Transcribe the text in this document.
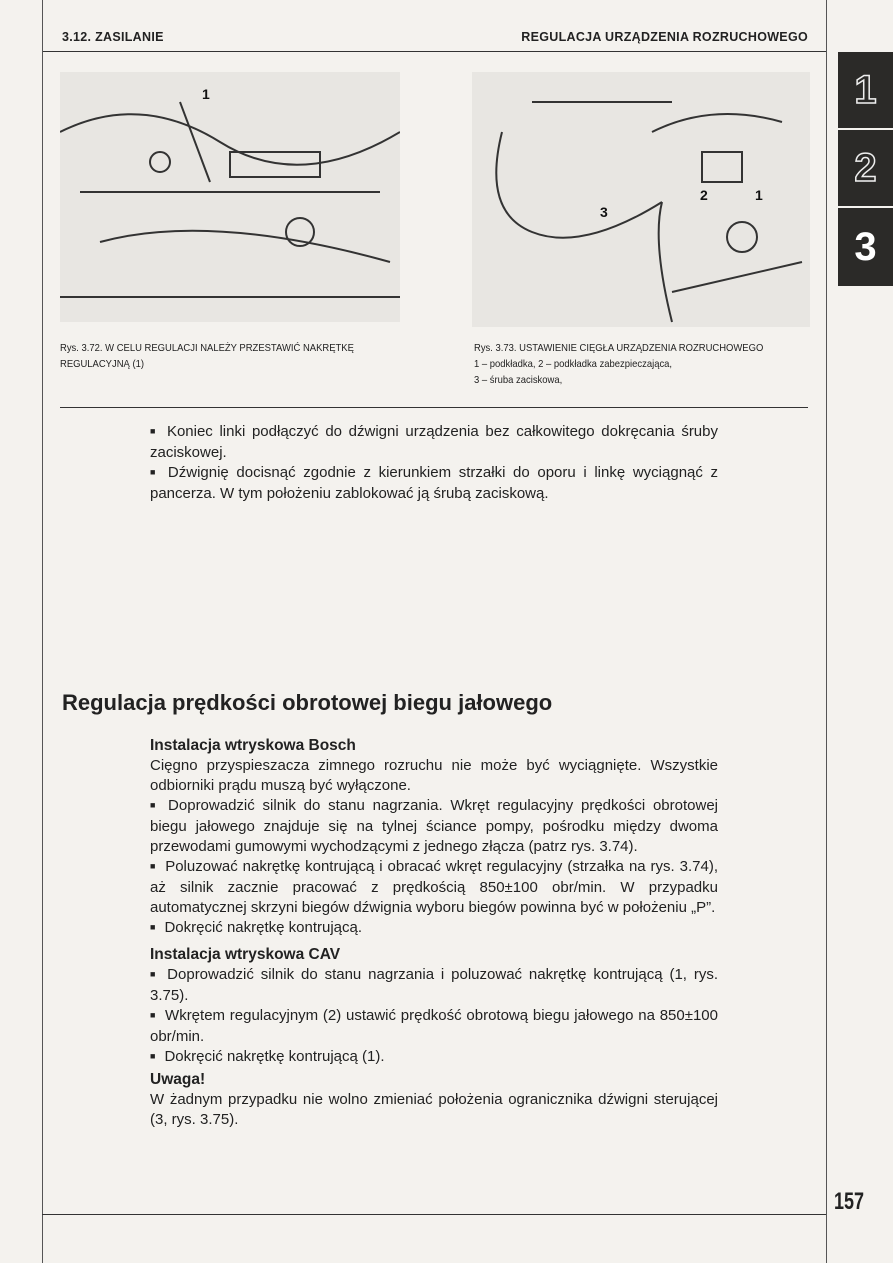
3.12. ZASILANIE	REGULACJA URZĄDZENIA ROZRUCHOWEGO
1
1
2
3
Rys. 3.72. W CELU REGULACJI NALEŻY PRZESTAWIĆ NAKRĘTKĘ REGULACYJNĄ (1)
Rys. 3.73. USTAWIENIE CIĘGŁA URZĄDZENIA ROZRUCHOWEGO
1 – podkładka, 2 – podkładka zabezpieczająca,
3 – śruba zaciskowa,

■ Koniec linki podłączyć do dźwigni urządzenia bez całkowitego dokręcania śruby zaciskowej.

■ Dźwignię docisnąć zgodnie z kierunkiem strzałki do oporu i linkę wyciągnąć z pancerza. W tym położeniu zablokować ją śrubą zaciskową.

Regulacja prędkości obrotowej biegu jałowego
Instalacja wtryskowa Bosch

Cięgno przyspieszacza zimnego rozruchu nie może być wyciągnięte. Wszystkie odbiorniki prądu muszą być wyłączone.

■ Doprowadzić silnik do stanu nagrzania. Wkręt regulacyjny prędkości obrotowej biegu jałowego znajduje się na tylnej ściance pompy, pośrodku między dwoma przewodami gumowymi wychodzącymi z jednego złącza (patrz rys. 3.74).

■ Poluzować nakrętkę kontrującą i obracać wkręt regulacyjny (strzałka na rys. 3.74), aż silnik zacznie pracować z prędkością 850±100 obr/min. W przypadku automatycznej skrzyni biegów dźwignia wyboru biegów powinna być w położeniu „P”.

■ Dokręcić nakrętkę kontrującą.

Instalacja wtryskowa CAV

■ Doprowadzić silnik do stanu nagrzania i poluzować nakrętkę kontrującą (1, rys. 3.75).

■ Wkrętem regulacyjnym (2) ustawić prędkość obrotową biegu jałowego na 850±100 obr/min.

■ Dokręcić nakrętkę kontrującą (1).

Uwaga!

W żadnym przypadku nie wolno zmieniać położenia ogranicznika dźwigni sterującej (3, rys. 3.75).

1
2
3
157
